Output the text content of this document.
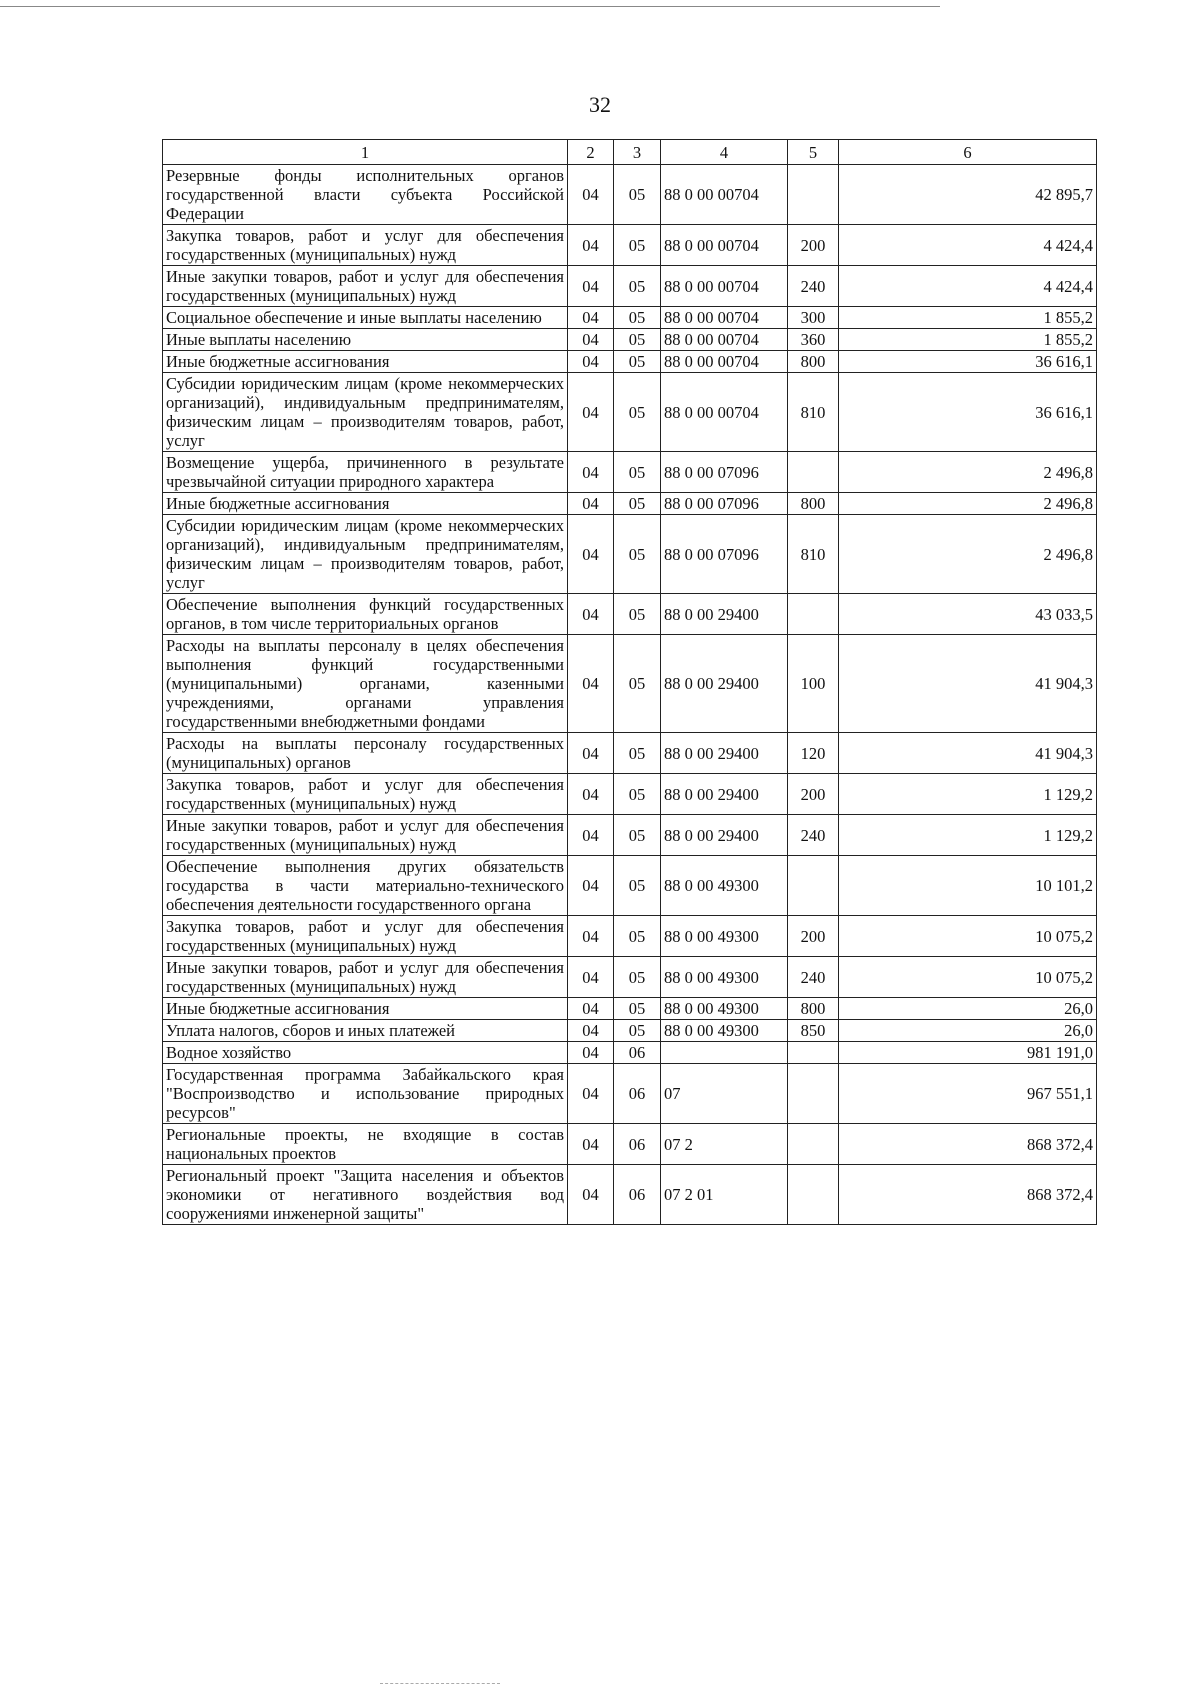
32
1	2	3	4	5	6
Резервные фонды исполнительных органов государственной власти субъекта Российской Федерации	04	05	88 0 00 00704		42 895,7
Закупка товаров, работ и услуг для обеспечения государственных (муниципальных) нужд	04	05	88 0 00 00704	200	4 424,4
Иные закупки товаров, работ и услуг для обеспечения государственных (муниципальных) нужд	04	05	88 0 00 00704	240	4 424,4
Социальное обеспечение и иные выплаты населению	04	05	88 0 00 00704	300	1 855,2
Иные выплаты населению	04	05	88 0 00 00704	360	1 855,2
Иные бюджетные ассигнования	04	05	88 0 00 00704	800	36 616,1
Субсидии юридическим лицам (кроме некоммерческих организаций), индивидуальным предпринимателям, физическим лицам – производителям товаров, работ, услуг	04	05	88 0 00 00704	810	36 616,1
Возмещение ущерба, причиненного в результате чрезвычайной ситуации природного характера	04	05	88 0 00 07096		2 496,8
Иные бюджетные ассигнования	04	05	88 0 00 07096	800	2 496,8
Субсидии юридическим лицам (кроме некоммерческих организаций), индивидуальным предпринимателям, физическим лицам – производителям товаров, работ, услуг	04	05	88 0 00 07096	810	2 496,8
Обеспечение выполнения функций государственных органов, в том числе территориальных органов	04	05	88 0 00 29400		43 033,5
Расходы на выплаты персоналу в целях обеспечения выполнения функций государственными (муниципальными) органами, казенными учреждениями, органами управления государственными внебюджетными фондами	04	05	88 0 00 29400	100	41 904,3
Расходы на выплаты персоналу государственных (муниципальных) органов	04	05	88 0 00 29400	120	41 904,3
Закупка товаров, работ и услуг для обеспечения государственных (муниципальных) нужд	04	05	88 0 00 29400	200	1 129,2
Иные закупки товаров, работ и услуг для обеспечения государственных (муниципальных) нужд	04	05	88 0 00 29400	240	1 129,2
Обеспечение выполнения других обязательств государства в части материально-технического обеспечения деятельности государственного органа	04	05	88 0 00 49300		10 101,2
Закупка товаров, работ и услуг для обеспечения государственных (муниципальных) нужд	04	05	88 0 00 49300	200	10 075,2
Иные закупки товаров, работ и услуг для обеспечения государственных (муниципальных) нужд	04	05	88 0 00 49300	240	10 075,2
Иные бюджетные ассигнования	04	05	88 0 00 49300	800	26,0
Уплата налогов, сборов и иных платежей	04	05	88 0 00 49300	850	26,0
Водное хозяйство	04	06			981 191,0
Государственная программа Забайкальского края "Воспроизводство и использование природных ресурсов"	04	06	07		967 551,1
Региональные проекты, не входящие в состав национальных проектов	04	06	07 2		868 372,4
Региональный проект "Защита населения и объектов экономики от негативного воздействия вод сооружениями инженерной защиты"	04	06	07 2 01		868 372,4
